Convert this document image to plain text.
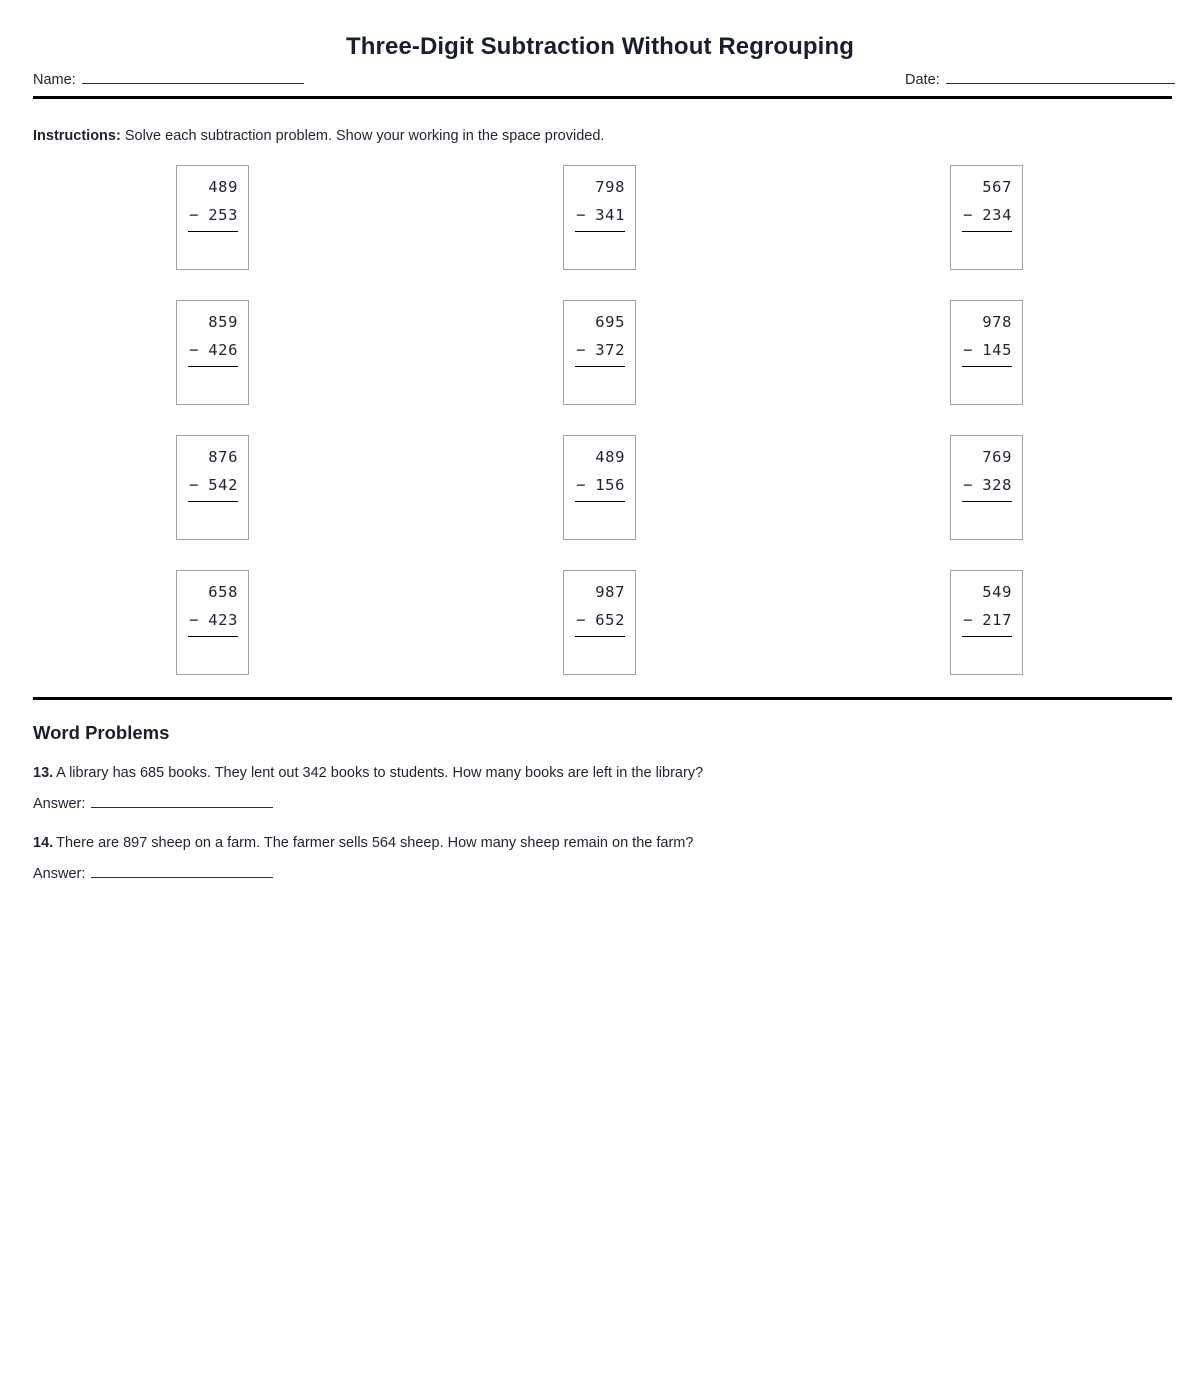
Three-Digit Subtraction Without Regrouping
Name:	Date:
Instructions: Solve each subtraction problem. Show your working in the space provided.
489
− 253
798
− 341
567
− 234
859
− 426
695
− 372
978
− 145
876
− 542
489
− 156
769
− 328
658
− 423
987
− 652
549
− 217
Word Problems
13. A library has 685 books. They lent out 342 books to students. How many books are left in the library?
Answer:
14. There are 897 sheep on a farm. The farmer sells 564 sheep. How many sheep remain on the farm?
Answer:
